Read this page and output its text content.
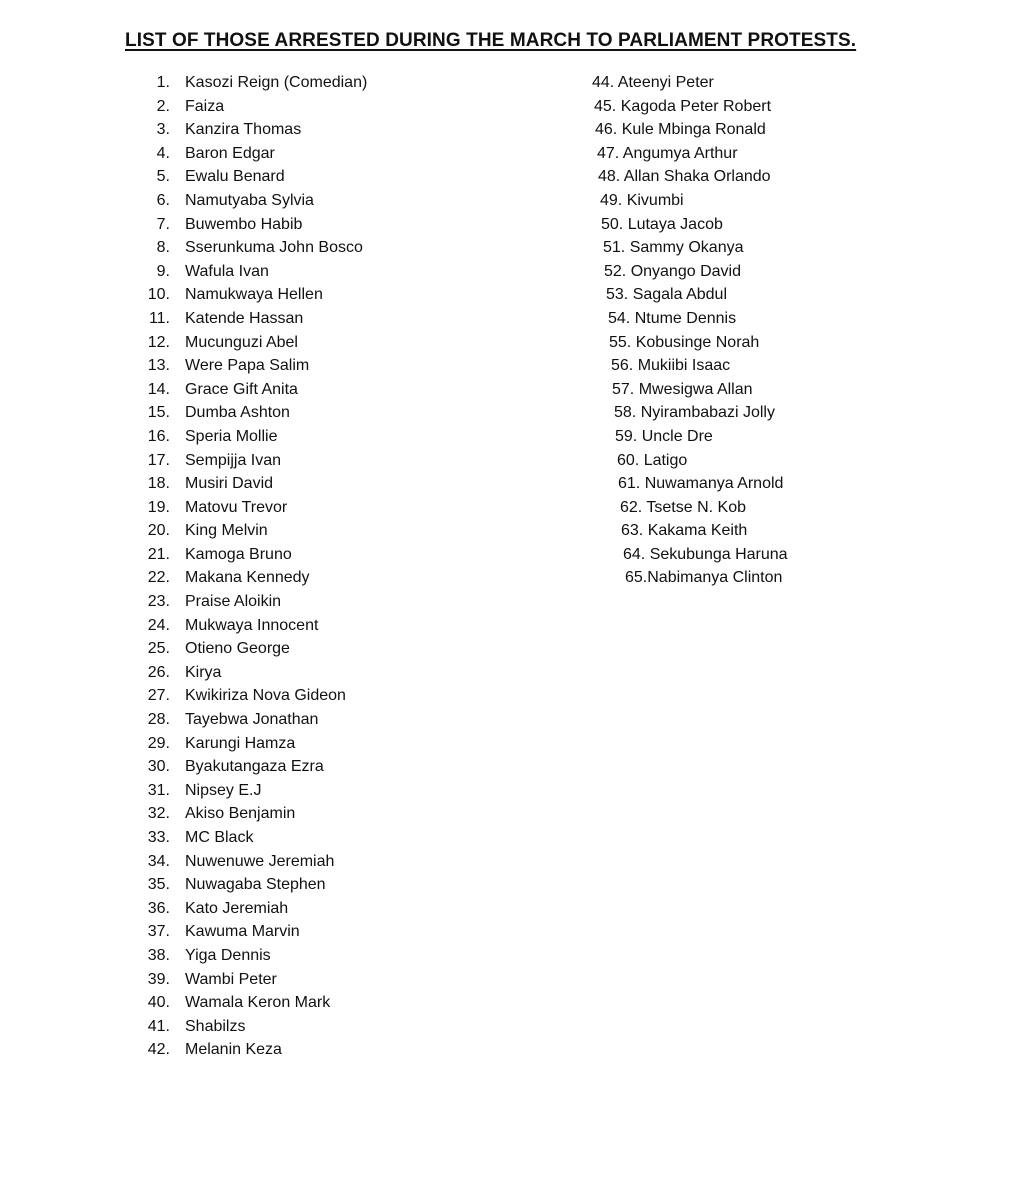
LIST OF THOSE ARRESTED DURING THE MARCH TO PARLIAMENT PROTESTS.
1. Kasozi Reign (Comedian)
2. Faiza
3. Kanzira Thomas
4. Baron Edgar
5. Ewalu Benard
6. Namutyaba Sylvia
7. Buwembo Habib
8. Sserunkuma John Bosco
9. Wafula Ivan
10. Namukwaya Hellen
11. Katende Hassan
12. Mucunguzi Abel
13. Were Papa Salim
14. Grace Gift Anita
15. Dumba Ashton
16. Speria Mollie
17. Sempijja Ivan
18. Musiri David
19. Matovu Trevor
20. King Melvin
21. Kamoga Bruno
22. Makana Kennedy
23. Praise Aloikin
24. Mukwaya Innocent
25. Otieno George
26. Kirya
27. Kwikiriza Nova Gideon
28. Tayebwa Jonathan
29. Karungi Hamza
30. Byakutangaza Ezra
31. Nipsey E.J
32. Akiso Benjamin
33. MC Black
34. Nuwenuwe Jeremiah
35. Nuwagaba Stephen
36. Kato Jeremiah
37. Kawuma Marvin
38. Yiga Dennis
39. Wambi Peter
40. Wamala Keron Mark
41. Shabilzs
42. Melanin Keza
44. Ateenyi Peter
45. Kagoda Peter Robert
46. Kule Mbinga Ronald
47. Angumya Arthur
48. Allan Shaka Orlando
49. Kivumbi
50. Lutaya Jacob
51. Sammy Okanya
52. Onyango David
53. Sagala Abdul
54. Ntume Dennis
55. Kobusinge Norah
56. Mukiibi Isaac
57. Mwesigwa Allan
58. Nyirambabazi Jolly
59. Uncle Dre
60. Latigo
61. Nuwamanya Arnold
62. Tsetse N. Kob
63. Kakama Keith
64. Sekubunga Haruna
65.Nabimanya Clinton
